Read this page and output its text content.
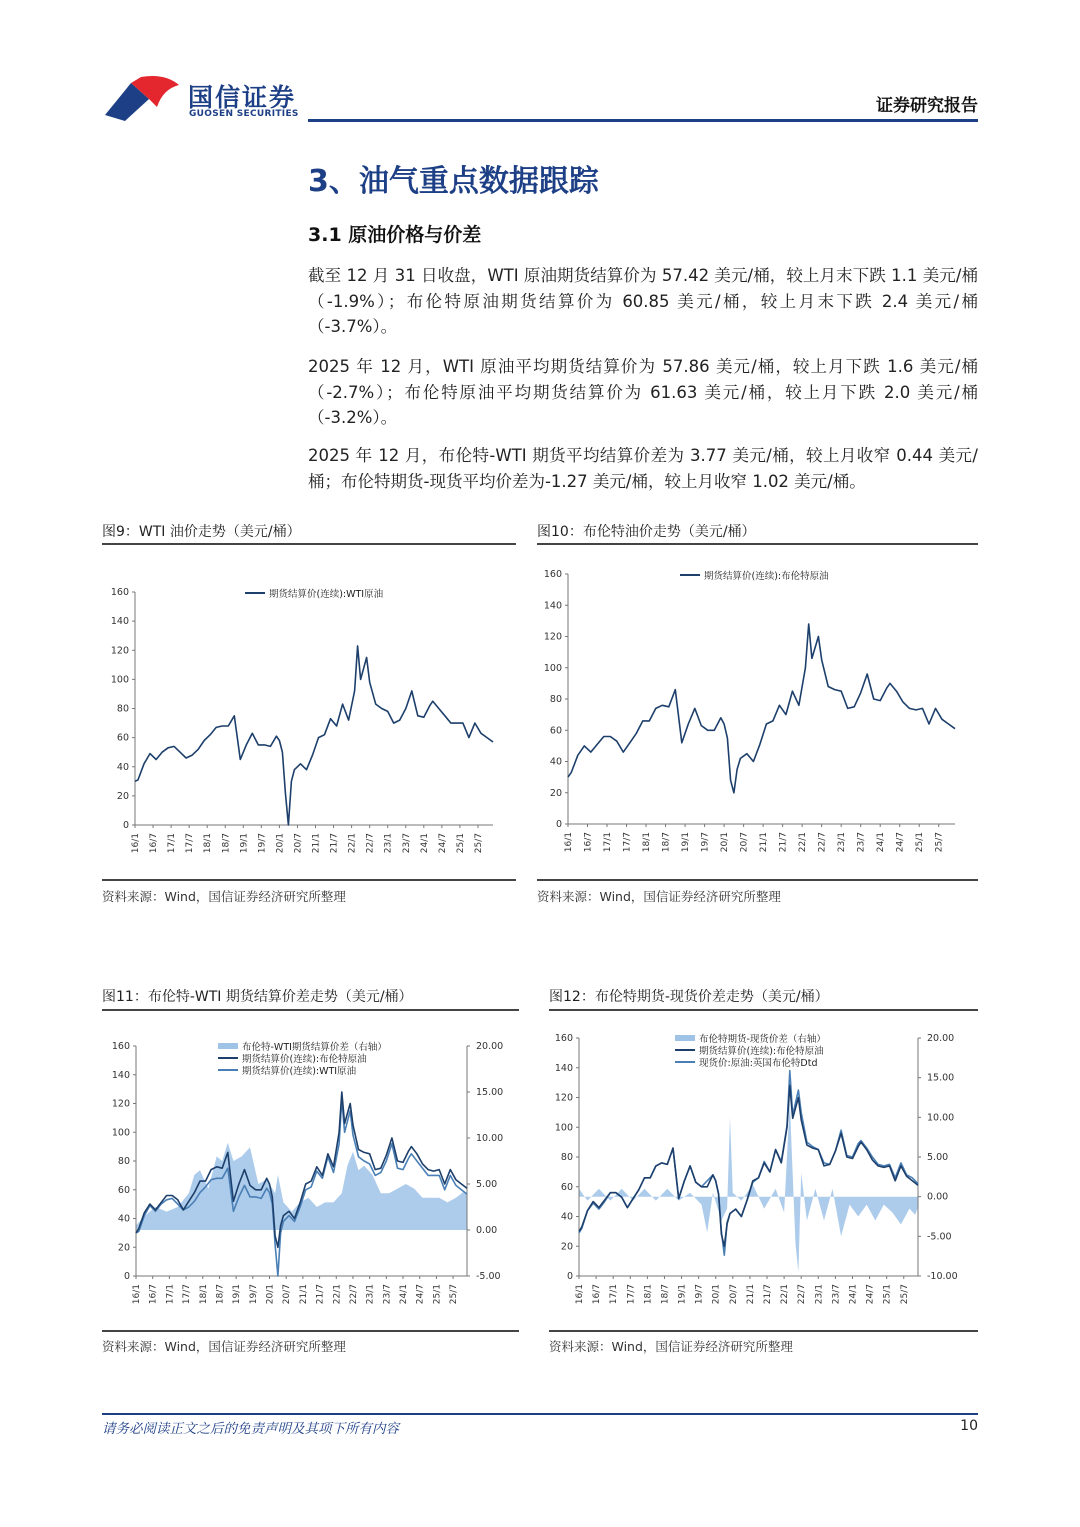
国信证券
GUOSEN SECURITIES	证券研究报告
3、油气重点数据跟踪
3.1 原油价格与价差

截至 12 月 31 日收盘，WTI 原油期货结算价为 57.42 美元/桶，较上月末下跌 1.1 美元/桶（-1.9%）；布伦特原油期货结算价为 60.85 美元/桶，较上月末下跌 2.4 美元/桶（-3.7%）。

2025 年 12 月，WTI 原油平均期货结算价为 57.86 美元/桶，较上月下跌 1.6 美元/桶（-2.7%）；布伦特原油平均期货结算价为 61.63 美元/桶，较上月下跌 2.0 美元/桶（-3.2%）。

2025 年 12 月，布伦特-WTI 期货平均结算价差为 3.77 美元/桶，较上月收窄 0.44 美元/桶；布伦特期货-现货平均价差为-1.27 美元/桶，较上月收窄 1.02 美元/桶。

图9：WTI 油价走势（美元/桶）
0
20
40
60
80
100
120
140
160
16/1 16/7 17/1 17/7 18/1 18/7 19/1 19/7 20/1 20/7 21/1 21/7 22/1 22/7 23/1 23/7 24/1 24/7 25/1 25/7
期货结算价(连续):WTI原油
资料来源：Wind，国信证券经济研究所整理
图10：布伦特油价走势（美元/桶）
0
20
40
60
80
100
120
140
160
16/1 16/7 17/1 17/7 18/1 18/7 19/1 19/7 20/1 20/7 21/1 21/7 22/1 22/7 23/1 23/7 24/1 24/7 25/1 25/7
期货结算价(连续):布伦特原油
资料来源：Wind，国信证券经济研究所整理
图11：布伦特-WTI 期货结算价差走势（美元/桶）
0
20
40
60
80
100
120
140
160
-5.00
0.00
5.00
10.00
15.00
20.00
16/1 16/7 17/1 17/7 18/1 18/7 19/1 19/7 20/1 20/7 21/1 21/7 22/1 22/7 23/1 23/7 24/1 24/7 25/1 25/7
布伦特-WTI期货结算价差（右轴）
期货结算价(连续):布伦特原油
期货结算价(连续):WTI原油
资料来源：Wind，国信证券经济研究所整理
图12：布伦特期货-现货价差走势（美元/桶）
0
20
40
60
80
100
120
140
160
-10.00
-5.00
0.00
5.00
10.00
15.00
20.00
16/1 16/7 17/1 17/7 18/1 18/7 19/1 19/7 20/1 20/7 21/1 21/7 22/1 22/7 23/1 23/7 24/1 24/7 25/1 25/7
布伦特期货-现货价差（右轴）
期货结算价(连续):布伦特原油
现货价:原油:英国布伦特Dtd
资料来源：Wind，国信证券经济研究所整理
请务必阅读正文之后的免责声明及其项下所有内容	10
